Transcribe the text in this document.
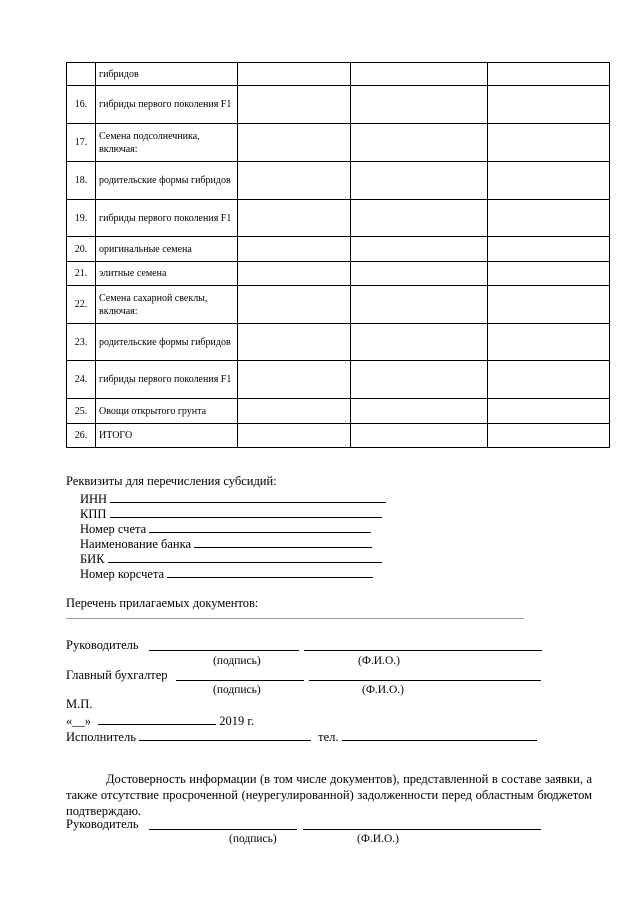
	гибридов			
16.	гибриды первого поколения F1			
17.	Семена подсолнечника, включая:			
18.	родительские формы гибридов			
19.	гибриды первого поколения F1			
20.	оригинальные семена			
21.	элитные семена			
22.	Семена сахарной свеклы, включая:			
23.	родительские формы гибридов			
24.	гибриды первого поколения F1			
25.	Овощи открытого грунта			
26.	ИТОГО			
Реквизиты для перечисления субсидий:
ИНН
КПП
Номер счета
Наименование банка
БИК
Номер корсчета
Перечень прилагаемых документов:
Руководитель
(подпись)	(Ф.И.О.)
Главный бухгалтер
(подпись)	(Ф.И.О.)
М.П.
«__»	2019 г.
Исполнитель	тел.
Достоверность информации (в том числе документов), представленной в составе заявки, а также отсутствие просроченной (неурегулированной) задолженности перед областным бюджетом подтверждаю.
Руководитель
(подпись)	(Ф.И.О.)
